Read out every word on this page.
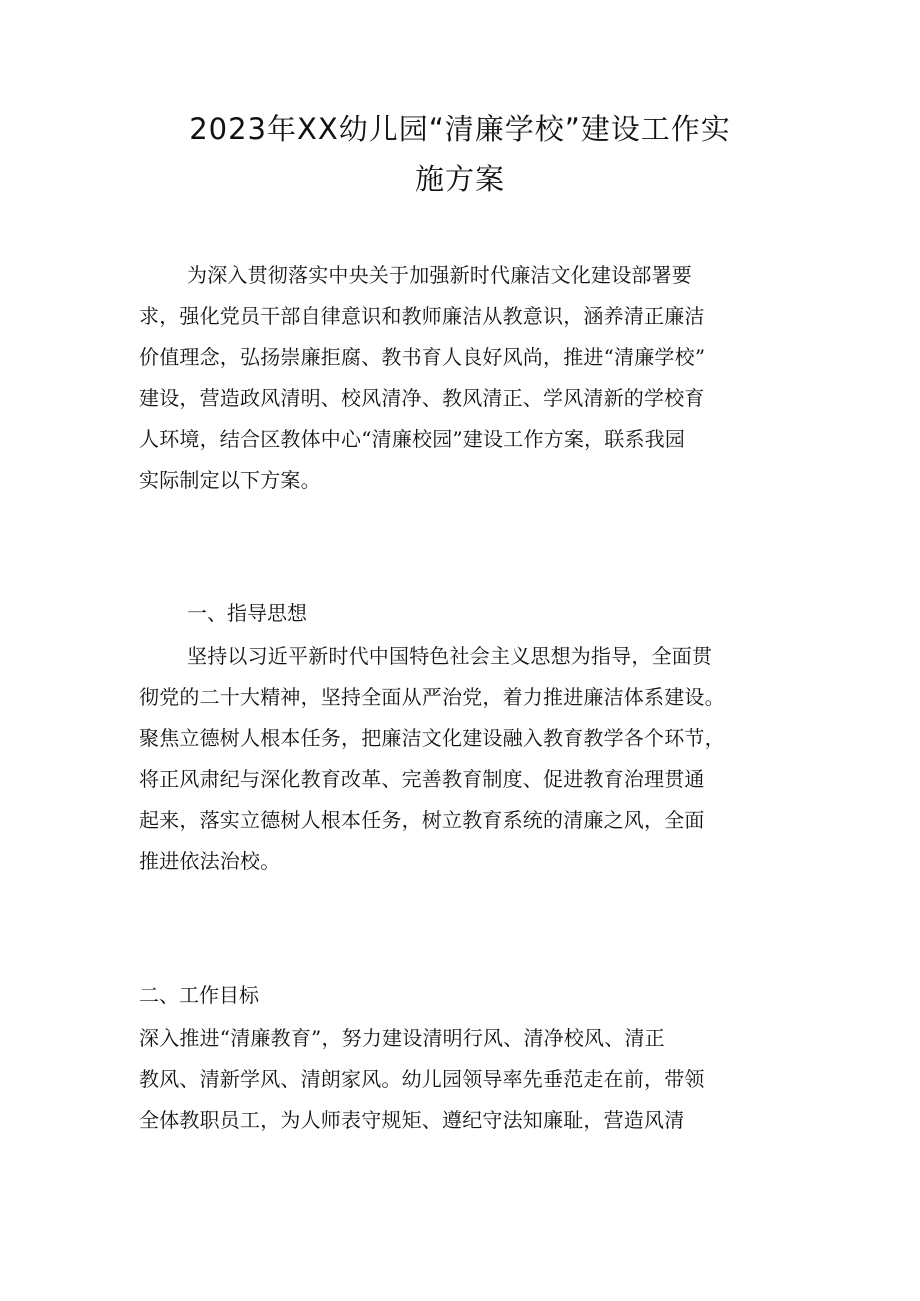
2023年XX幼儿园“清廉学校”建设工作实
施方案
为深入贯彻落实中央关于加强新时代廉洁文化建设部署要
求，强化党员干部自律意识和教师廉洁从教意识，涵养清正廉洁
价值理念，弘扬崇廉拒腐、教书育人良好风尚，推进“清廉学校”
建设，营造政风清明、校风清净、教风清正、学风清新的学校育
人环境，结合区教体中心“清廉校园”建设工作方案，联系我园
实际制定以下方案。
一、指导思想
坚持以习近平新时代中国特色社会主义思想为指导，全面贯
彻党的二十大精神，坚持全面从严治党，着力推进廉洁体系建设。
聚焦立德树人根本任务，把廉洁文化建设融入教育教学各个环节，
将正风肃纪与深化教育改革、完善教育制度、促进教育治理贯通
起来，落实立德树人根本任务，树立教育系统的清廉之风，全面
推进依法治校。
二、工作目标
深入推进“清廉教育”，努力建设清明行风、清净校风、清正
教风、清新学风、清朗家风。幼儿园领导率先垂范走在前，带领
全体教职员工，为人师表守规矩、遵纪守法知廉耻，营造风清
